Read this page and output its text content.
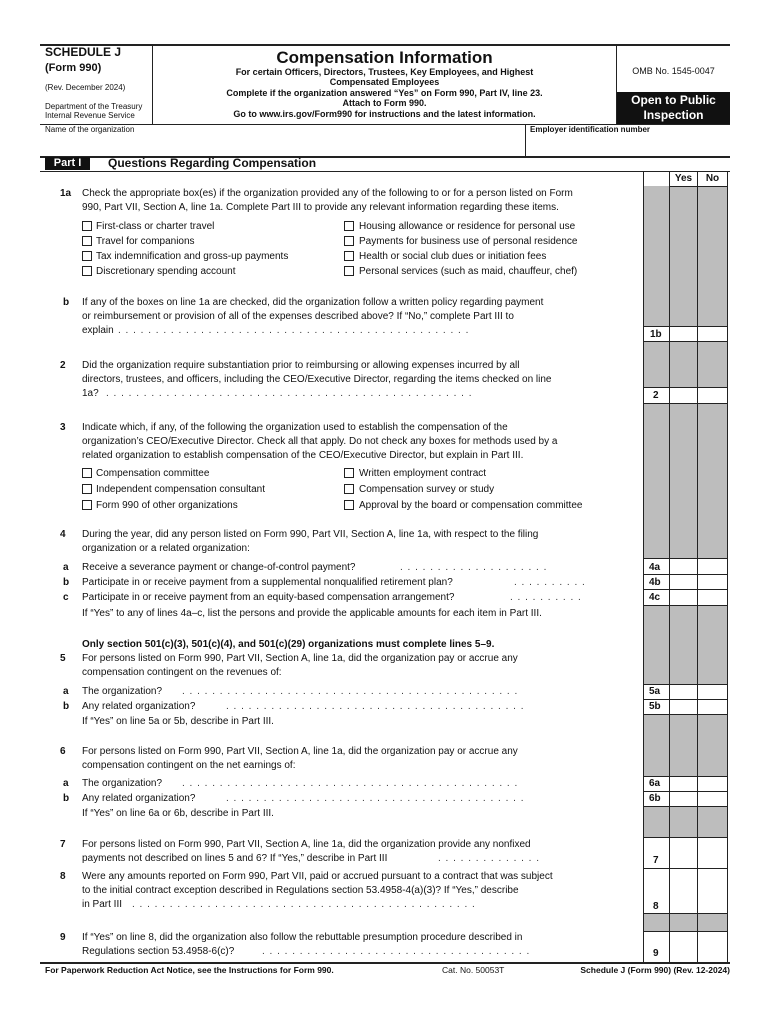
SCHEDULE J
(Form 990)
(Rev. December 2024)
Department of the Treasury
Internal Revenue Service
Compensation Information
For certain Officers, Directors, Trustees, Key Employees, and Highest
Compensated Employees
Complete if the organization answered “Yes” on Form 990, Part IV, line 23.
Attach to Form 990.
Go to www.irs.gov/Form990 for instructions and the latest information.
OMB No. 1545-0047
Open to Public
Inspection
Name of the organization	Employer identification number
Part I	Questions Regarding Compensation
Yes	No
1a Check the appropriate box(es) if the organization provided any of the following to or for a person listed on Form
990, Part VII, Section A, line 1a. Complete Part III to provide any relevant information regarding these items.
First-class or charter travel
Travel for companions
Tax indemnification and gross-up payments
Discretionary spending account
Housing allowance or residence for personal use
Payments for business use of personal residence
Health or social club dues or initiation fees
Personal services (such as maid, chauffeur, chef)
b If any of the boxes on line 1a are checked, did the organization follow a written policy regarding payment
or reimbursement or provision of all of the expenses described above? If “No,” complete Part III to
explain . . . . . . . . . . . . . . . . . . . . . . . . . . . . . . . . . . . . . . . . . . . . . . .	1b
2 Did the organization require substantiation prior to reimbursing or allowing expenses incurred by all
directors, trustees, and officers, including the CEO/Executive Director, regarding the items checked on line
1a? . . . . . . . . . . . . . . . . . . . . . . . . . . . . . . . . . . . . . . . . . . . . . . . . .	2
3 Indicate which, if any, of the following the organization used to establish the compensation of the
organization’s CEO/Executive Director. Check all that apply. Do not check any boxes for methods used by a
related organization to establish compensation of the CEO/Executive Director, but explain in Part III.
Compensation committee
Independent compensation consultant
Form 990 of other organizations
Written employment contract
Compensation survey or study
Approval by the board or compensation committee
4 During the year, did any person listed on Form 990, Part VII, Section A, line 1a, with respect to the filing
organization or a related organization:
a Receive a severance payment or change-of-control payment?	. . . . . . . . . . . . . . . . . . . .	4a
b Participate in or receive payment from a supplemental nonqualified retirement plan?	. . . . . . . . . .	4b
c Participate in or receive payment from an equity-based compensation arrangement?	. . . . . . . . . .	4c
If “Yes” to any of lines 4a–c, list the persons and provide the applicable amounts for each item in Part III.
Only section 501(c)(3), 501(c)(4), and 501(c)(29) organizations must complete lines 5–9.
5 For persons listed on Form 990, Part VII, Section A, line 1a, did the organization pay or accrue any
compensation contingent on the revenues of:
a The organization? . . . . . . . . . . . . . . . . . . . . . . . . . . . . . . . . . . . . . . . . . . . . .	5a
b Any related organization?	. . . . . . . . . . . . . . . . . . . . . . . . . . . . . . . . . . . . . . . .	5b
If “Yes” on line 5a or 5b, describe in Part III.
6 For persons listed on Form 990, Part VII, Section A, line 1a, did the organization pay or accrue any
compensation contingent on the net earnings of:
a The organization? . . . . . . . . . . . . . . . . . . . . . . . . . . . . . . . . . . . . . . . . . . . . .	6a
b Any related organization?	. . . . . . . . . . . . . . . . . . . . . . . . . . . . . . . . . . . . . . . .	6b
If “Yes” on line 6a or 6b, describe in Part III.
7 For persons listed on Form 990, Part VII, Section A, line 1a, did the organization provide any nonfixed
payments not described on lines 5 and 6? If “Yes,” describe in Part III	. . . . . . . . . . . . . .	7
8 Were any amounts reported on Form 990, Part VII, paid or accrued pursuant to a contract that was subject
to the initial contract exception described in Regulations section 53.4958-4(a)(3)? If “Yes,” describe
in Part III . . . . . . . . . . . . . . . . . . . . . . . . . . . . . . . . . . . . . . . . . . . . . .	8
9 If “Yes” on line 8, did the organization also follow the rebuttable presumption procedure described in
Regulations section 53.4958-6(c)?	. . . . . . . . . . . . . . . . . . . . . . . . . . . . . . . . . . . .	9
For Paperwork Reduction Act Notice, see the Instructions for Form 990.	Cat. No. 50053T	Schedule J (Form 990) (Rev. 12-2024)
